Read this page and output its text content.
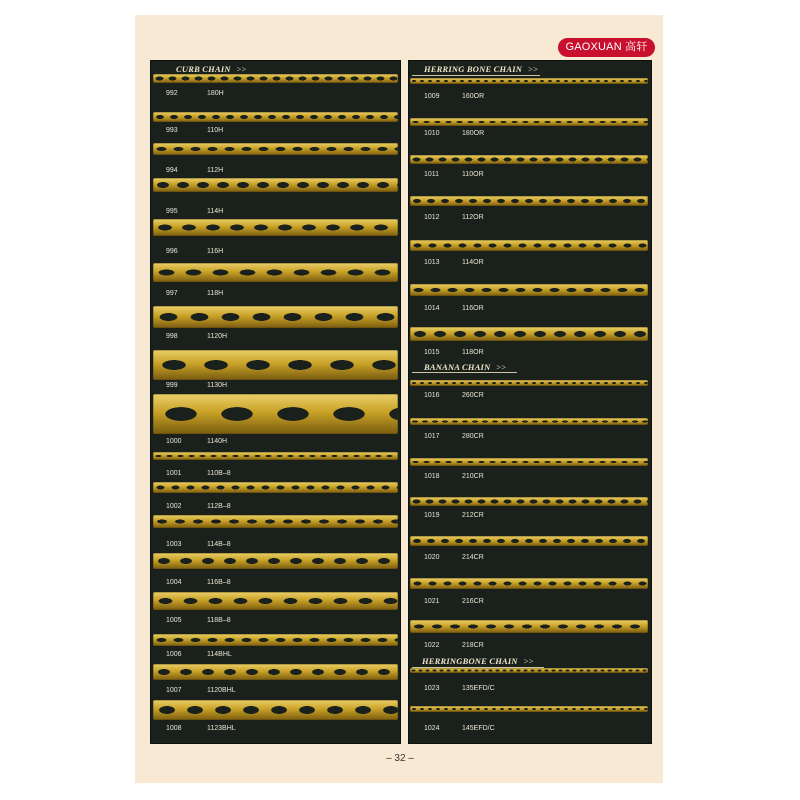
GAOXUAN 高轩
CURB CHAIN >>	HERRING BONE CHAIN >>
BANANA CHAIN >>
HERRINGBONE CHAIN >>
992	180H
993	110H
994	112H
995	114H
996	116H
997	118H
998	1120H
999	1130H
1000	1140H
1001	110B–8
1002	112B–8
1003	114B–8
1004	116B–8
1005	118B–8
1006	114BHL
1007	1120BHL
1008	1123BHL
1009	160OR
1010	180OR
1011	110OR
1012	112OR
1013	114OR
1014	116OR
1015	118OR
1016	260CR
1017	280CR
1018	210CR
1019	212CR
1020	214CR
1021	216CR
1022	218CR
1023	135EFD/C
1024	145EFD/C
– 32 –
